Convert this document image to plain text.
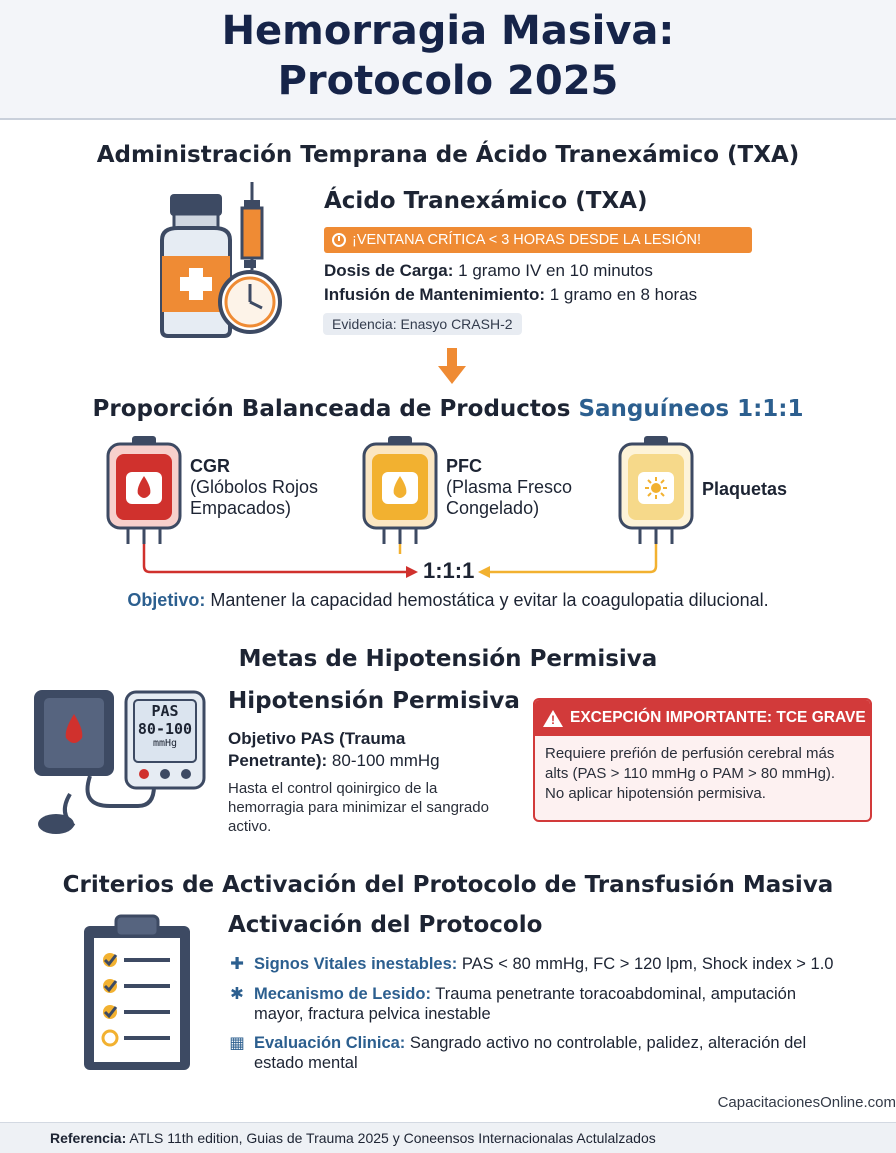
Hemorragia Masiva:
Protocolo 2025
Administración Temprana de Ácido Tranexámico (TXA)
Ácido Tranexámico (TXA)
¡VENTANA CRÍTICA < 3 HORAS DESDE LA LESIÓN!
Dosis de Carga: 1 gramo IV en 10 minutos
Infusión de Mantenimiento: 1 gramo en 8 horas
Evidencia: Enasyo CRASH-2
Proporción Balanceada de Productos Sanguíneos 1:1:1
CGR
(Glóbolos Rojos
Empacados)
PFC
(Plasma Fresco
Congelado)
Plaquetas
1:1:1
Objetivo: Mantener la capacidad hemostática y evitar la coagulopatia dilucional.
Metas de Hipotensión Permisiva
PAS
80-100
mmHg
Hipotensión Permisiva
Objetivo PAS (Trauma
Penetrante): 80-100 mmHg
Hasta el control qoinirgico de la
hemorragia para minimizar el sangrado
activo.
! EXCEPCIÓN IMPORTANTE: TCE GRAVE
Requiere preŕión de perfusión cerebral más
alts (PAS > 110 mmHg o PAM > 80 mmHg).
No aplicar hipotensión permisiva.
Criterios de Activación del Protocolo de Transfusión Masiva
Activación del Protocolo
✚ Signos Vitales inestables: PAS < 80 mmHg, FC > 120 lpm, Shock index > 1.0
✱ Mecanismo de Lesido: Trauma penetrante toracoabdominal, amputación
mayor, fractura pelvica inestable
▦ Evaluación Clinica: Sangrado activo no controlable, palidez, alteración del
estado mental
CapacitacionesOnline.com
Referencia: ATLS 11th edition, Guias de Trauma 2025 y Coneensos Internacionalas Actulalzados
